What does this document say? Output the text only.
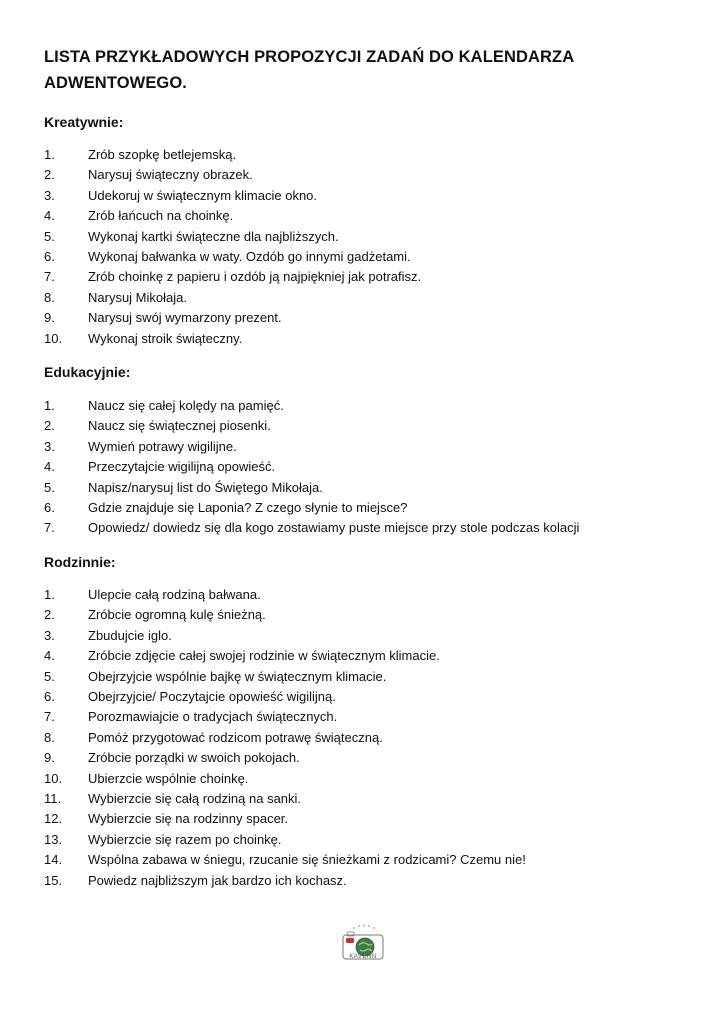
LISTA PRZYKŁADOWYCH PROPOZYCJI ZADAŃ DO KALENDARZA ADWENTOWEGO.
Kreatywnie:
1.	Zrób szopkę betlejemską.
2.	Narysuj świąteczny obrazek.
3.	Udekoruj w świątecznym klimacie okno.
4.	Zrób łańcuch na choinkę.
5.	Wykonaj kartki świąteczne dla najbliższych.
6.	Wykonaj bałwanka w waty. Ozdób go innymi gadżetami.
7.	Zrób choinkę z papieru i ozdób ją najpiękniej jak potrafisz.
8.	Narysuj Mikołaja.
9.	Narysuj swój wymarzony prezent.
10.	Wykonaj stroik świąteczny.
Edukacyjnie:
1.	Naucz się całej kolędy na pamięć.
2.	Naucz się świątecznej piosenki.
3.	Wymień potrawy wigilijne.
4.	Przeczytajcie wigilijną opowieść.
5.	Napisz/narysuj list do Świętego Mikołaja.
6.	Gdzie znajduje się Laponia? Z czego słynie to miejsce?
7.	Opowiedz/ dowiedz się dla kogo zostawiamy puste miejsce przy stole podczas kolacji
Rodzinnie:
1.	Ulepcie całą rodziną bałwana.
2.	Zróbcie ogromną kulę śnieżną.
3.	Zbudujcie iglo.
4.	Zróbcie zdjęcie całej swojej rodzinie w świątecznym klimacie.
5.	Obejrzyjcie wspólnie bajkę w świątecznym klimacie.
6.	Obejrzyjcie/ Poczytajcie opowieść wigilijną.
7.	Porozmawiajcie o tradycjach świątecznych.
8.	Pomóż przygotować rodzicom potrawę świąteczną.
9.	Zróbcie porządki w swoich pokojach.
10.	Ubierzcie wspólnie choinkę.
11.	Wybierzcie się całą rodziną na sanki.
12.	Wybierzcie się na rodzinny spacer.
13.	Wybierzcie się razem po choinkę.
14.	Wspólna zabawa w śniegu, rzucanie się śnieżkami z rodzicami? Czemu nie!
15.	Powiedz najbliższym jak bardzo ich kochasz.
KAVENN
